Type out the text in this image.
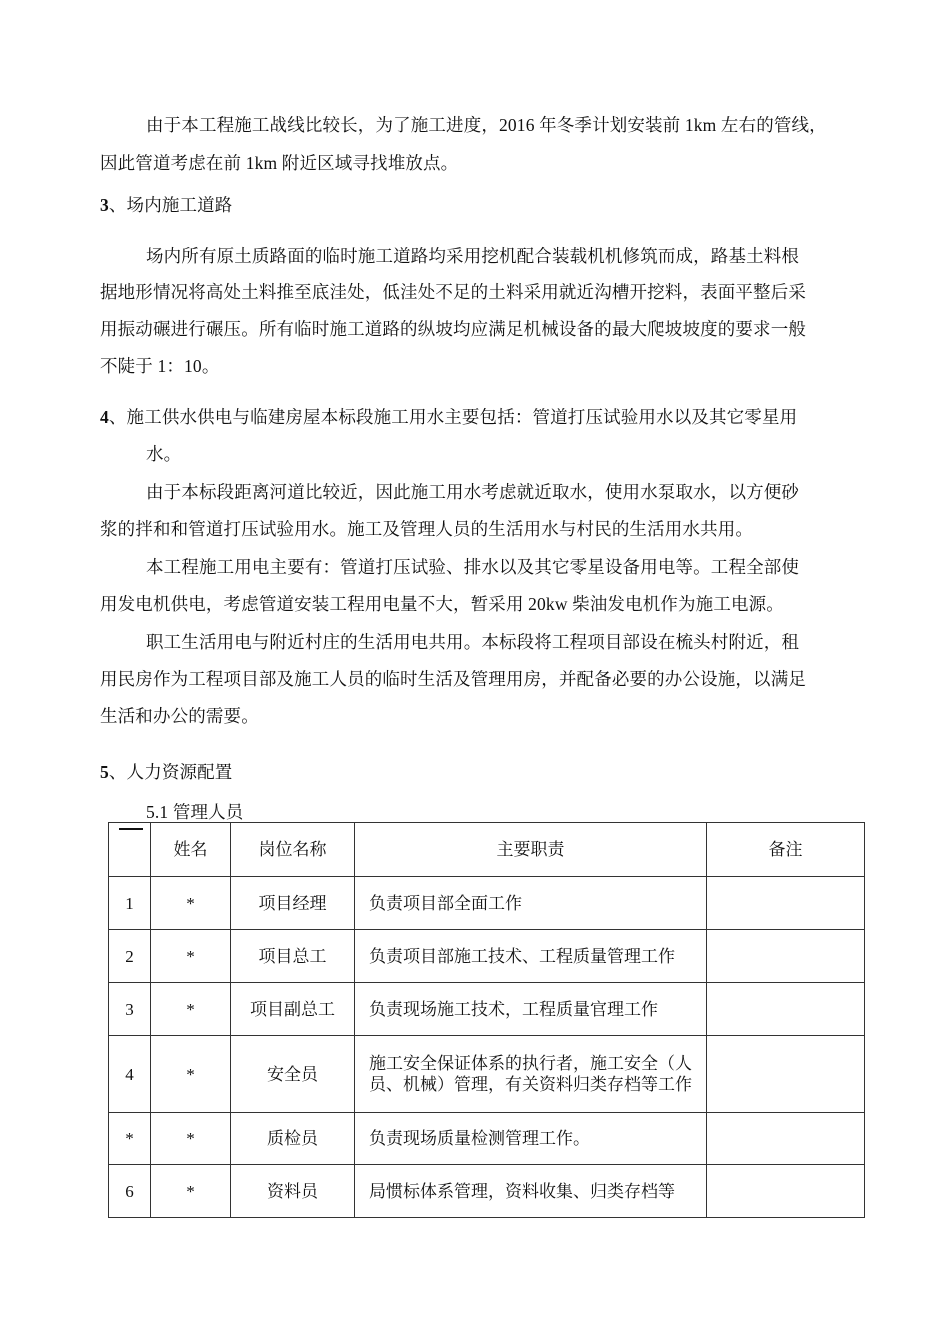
由于本工程施工战线比较长，为了施工进度，2016 年冬季计划安装前 1km 左右的管线，
因此管道考虑在前 1km 附近区域寻找堆放点。
3、场内施工道路
场内所有原土质路面的临时施工道路均采用挖机配合装载机机修筑而成，路基土料根
据地形情况将高处土料推至底洼处，低洼处不足的土料采用就近沟槽开挖料，表面平整后采
用振动碾进行碾压。所有临时施工道路的纵坡均应满足机械设备的最大爬坡坡度的要求一般
不陡于 1：10。
4、施工供水供电与临建房屋本标段施工用水主要包括：管道打压试验用水以及其它零星用
水。
由于本标段距离河道比较近，因此施工用水考虑就近取水，使用水泵取水，以方便砂
浆的拌和和管道打压试验用水。施工及管理人员的生活用水与村民的生活用水共用。
本工程施工用电主要有：管道打压试验、排水以及其它零星设备用电等。工程全部使
用发电机供电，考虑管道安装工程用电量不大，暂采用 20kw 柴油发电机作为施工电源。
职工生活用电与附近村庄的生活用电共用。本标段将工程项目部设在梳头村附近，租
用民房作为工程项目部及施工人员的临时生活及管理用房，并配备必要的办公设施，以满足
生活和办公的需要。
5、人力资源配置
5.1 管理人员
	姓名	岗位名称	主要职责	备注
1	*	项目经理	负责项目部全面工作	
2	*	项目总工	负责项目部施工技术、工程质量管理工作	
3	*	项目副总工	负责现场施工技术，工程质量官理工作	
4	*	安全员	施工安全保证体系的执行者，施工安全（人员、机械）管理，有关资料归类存档等工作	
*	*	质检员	负责现场质量检测管理工作。	
6	*	资料员	局惯标体系管理，资料收集、归类存档等	
